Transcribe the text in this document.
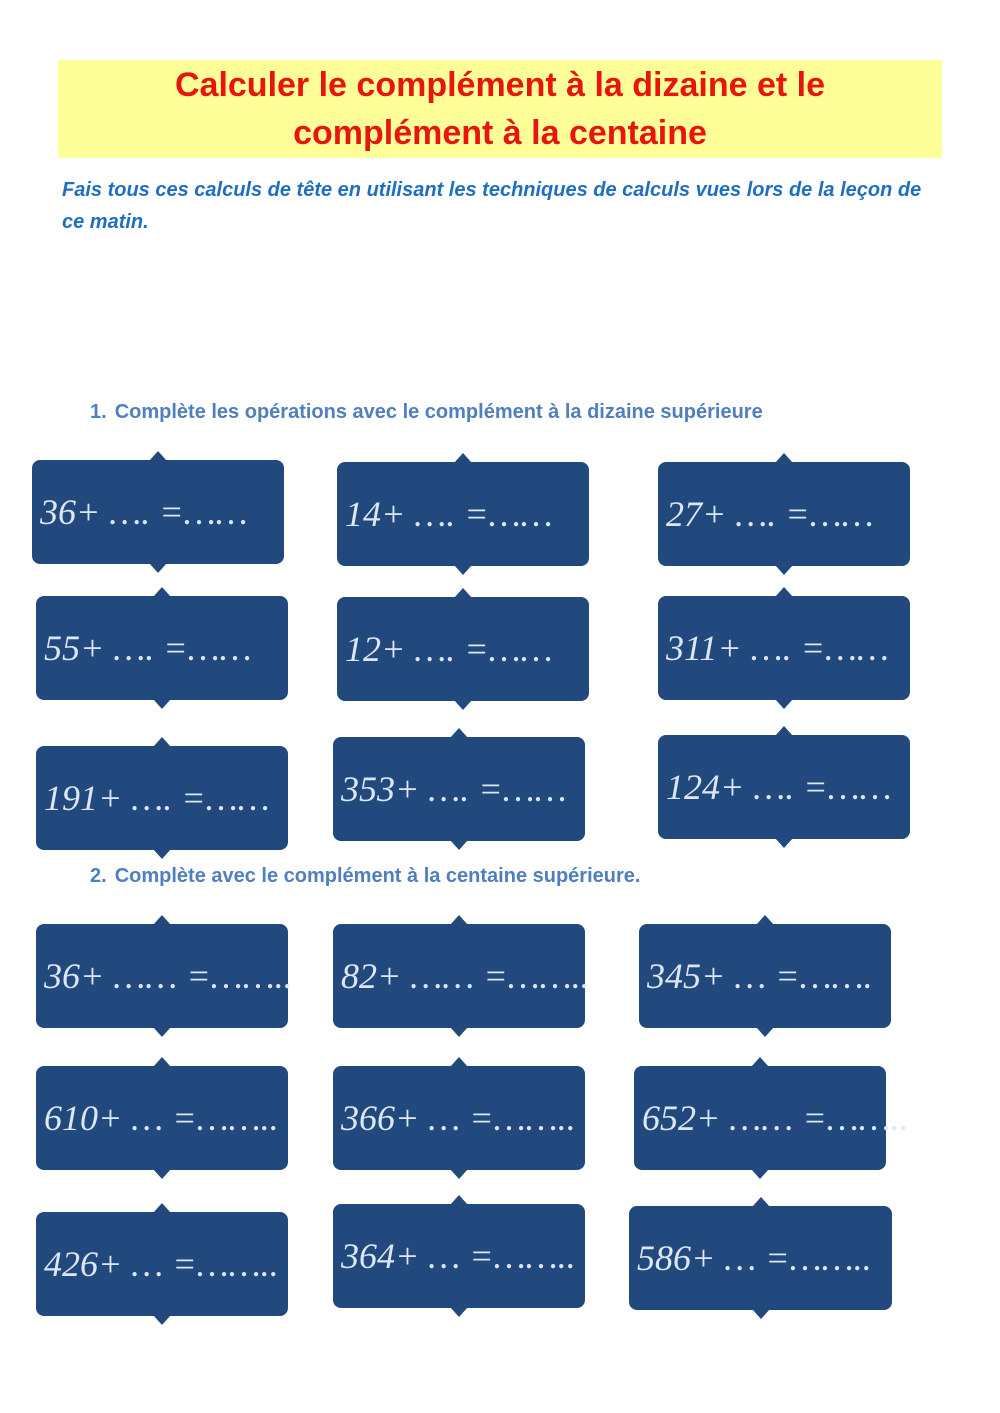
Calculer le complément à la dizaine et le
complément à la centaine
Fais tous ces calculs de tête en utilisant les techniques de calculs vues lors de la leçon de ce matin.
1. Complète les opérations avec le complément à la dizaine supérieure
36+ …. =……	14+ …. =……	27+ …. =……
55+ …. =……	12+ …. =……	311+ …. =……
191+ …. =…… 353+ …. =……	124+ …. =……
2. Complète avec le complément à la centaine supérieure.
36+ …… =…….. 82+ …… =…….. 345+ … =…….
610+ … =…….. 366+ … =…….. 652+ …… =……..
426+ … =…….. 364+ … =…….. 586+ … =……..
